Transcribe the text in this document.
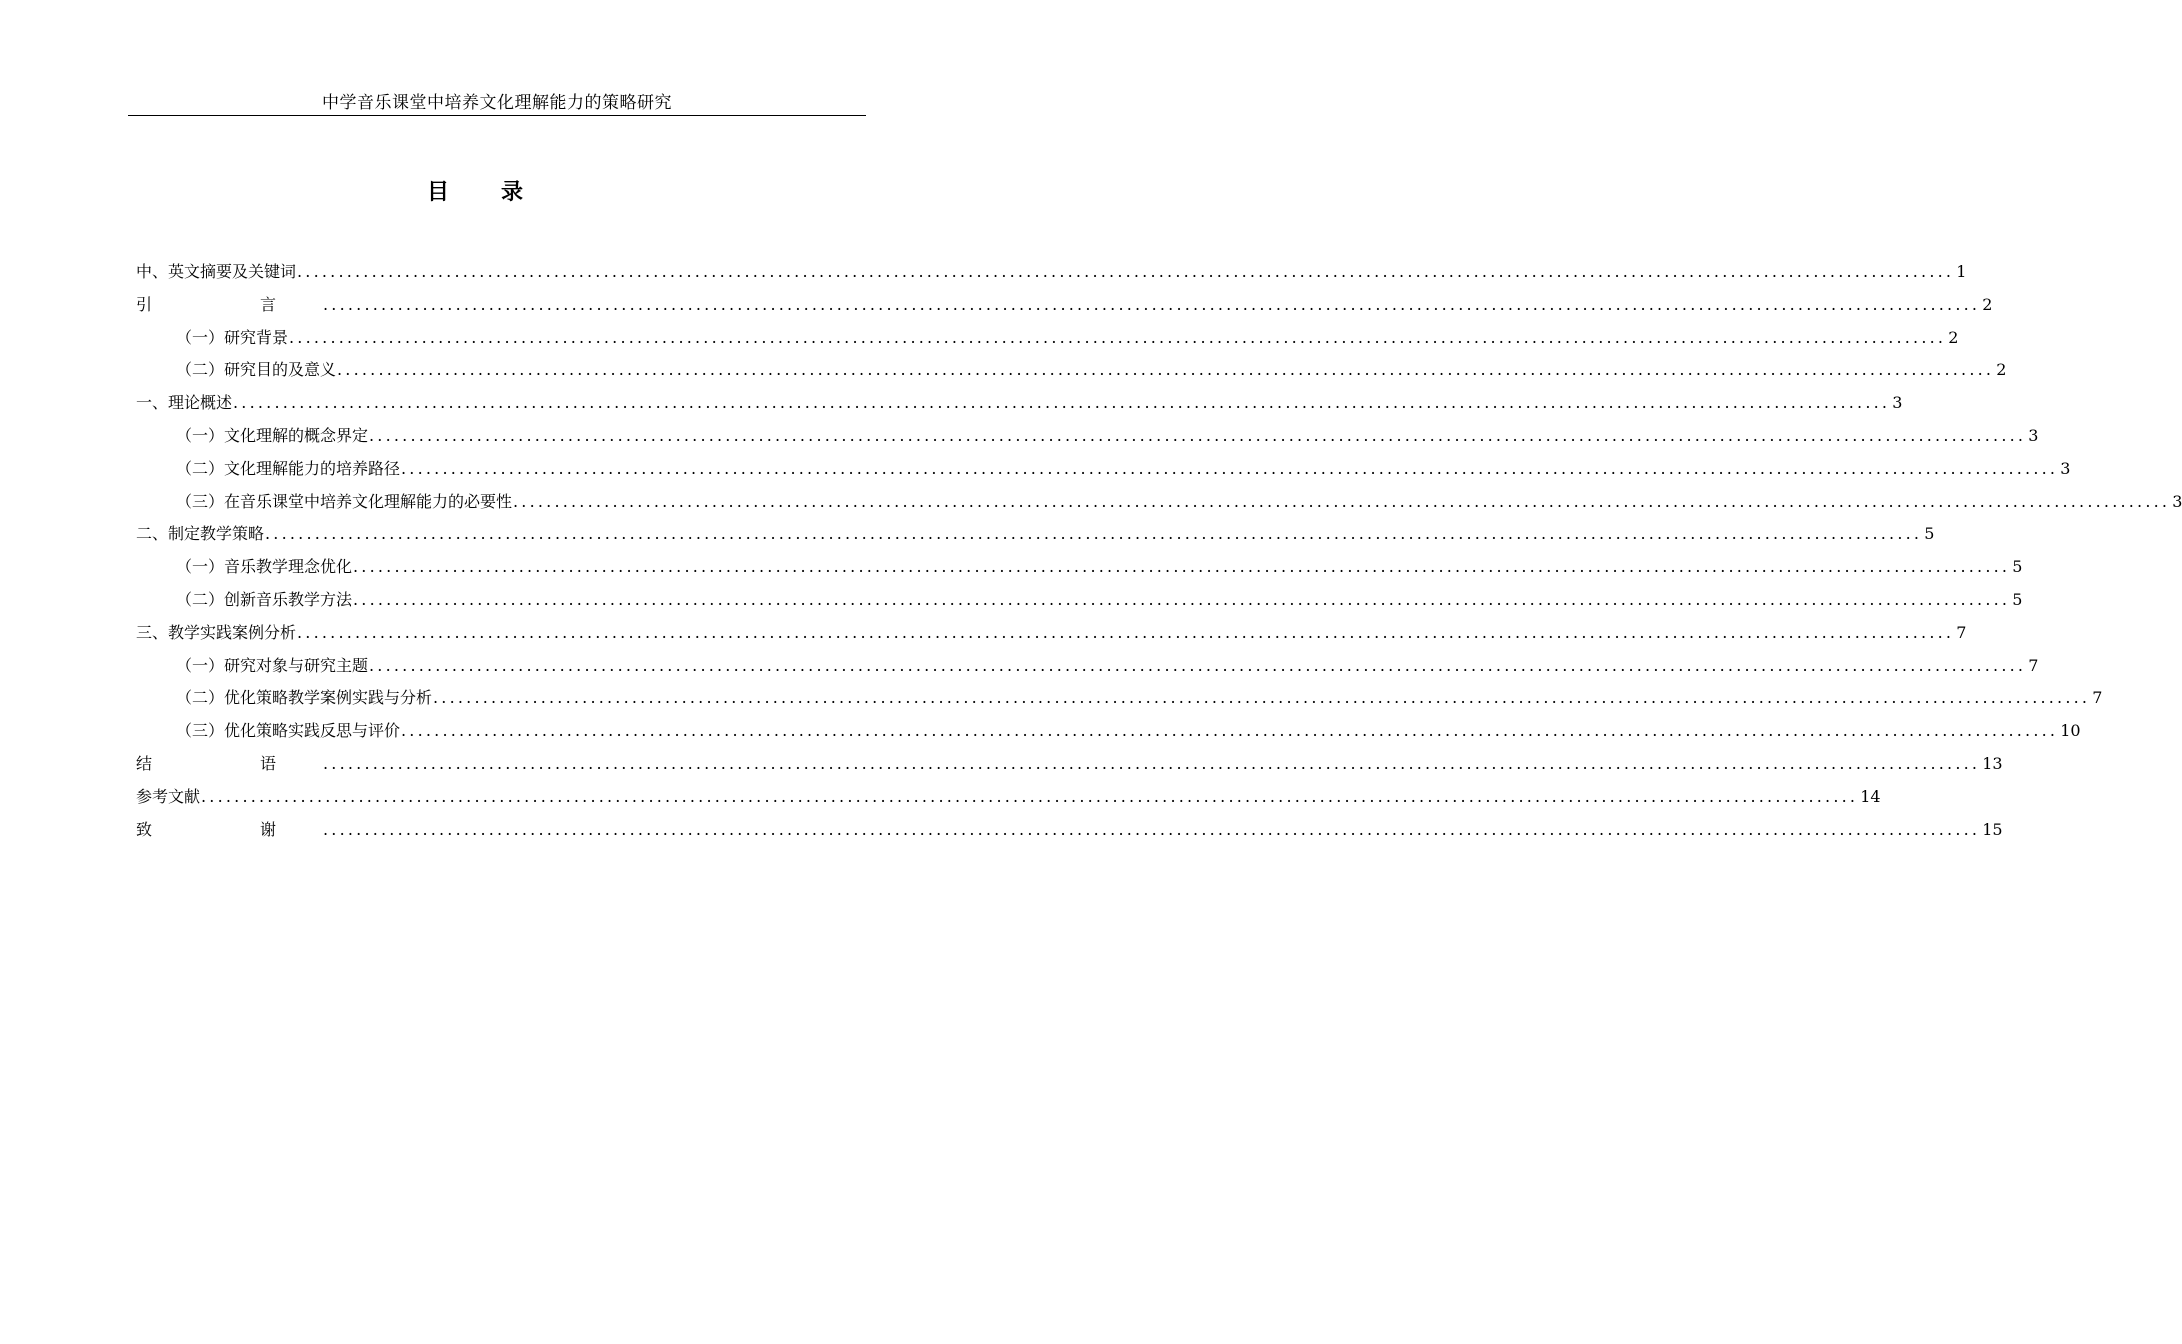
中学音乐课堂中培养文化理解能力的策略研究
目 录
中、英文摘要及关键词 ........................................................................................................................................................................................................ 1
引　言 ........................................................................................................................................................................................................ 2
（一）研究背景 ........................................................................................................................................................................................................ 2
（二）研究目的及意义 ........................................................................................................................................................................................................ 2
一、理论概述 ........................................................................................................................................................................................................ 3
（一）文化理解的概念界定 ........................................................................................................................................................................................................ 3
（二）文化理解能力的培养路径 ........................................................................................................................................................................................................ 3
（三）在音乐课堂中培养文化理解能力的必要性 ........................................................................................................................................................................................................ 3
二、制定教学策略 ........................................................................................................................................................................................................ 5
（一）音乐教学理念优化 ........................................................................................................................................................................................................ 5
（二）创新音乐教学方法 ........................................................................................................................................................................................................ 5
三、教学实践案例分析 ........................................................................................................................................................................................................ 7
（一）研究对象与研究主题 ........................................................................................................................................................................................................ 7
（二）优化策略教学案例实践与分析 ........................................................................................................................................................................................................ 7
（三）优化策略实践反思与评价 ........................................................................................................................................................................................................ 10
结　语 ........................................................................................................................................................................................................ 13
参考文献 ........................................................................................................................................................................................................ 14
致　谢 ........................................................................................................................................................................................................ 15
